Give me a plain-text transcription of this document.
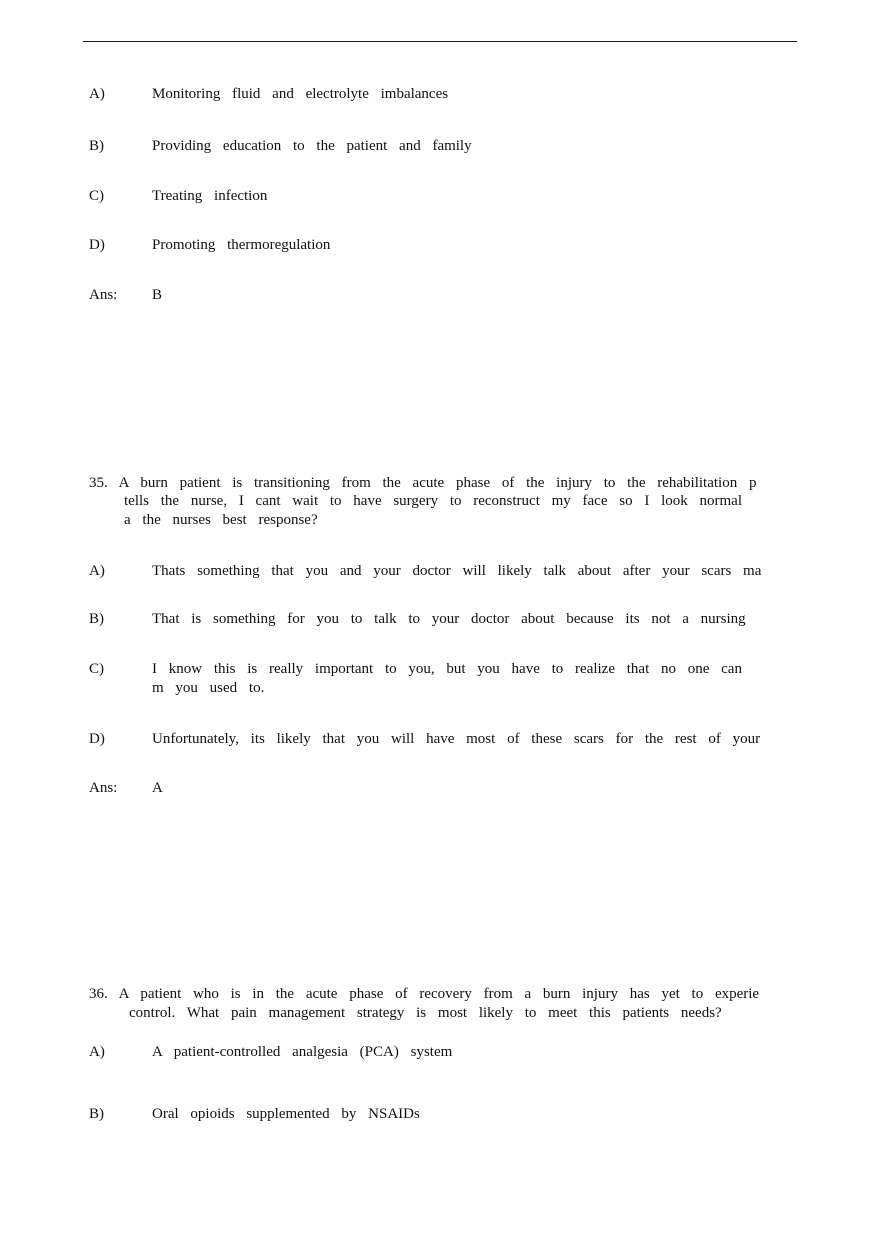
A)	Monitoring fluid and electrolyte imbalances
B)	Providing education to the patient and family
C)	Treating infection
D)	Promoting thermoregulation
Ans: B
35. A burn patient is transitioning from the acute phase of the injury to the rehabilitation p
tells the nurse, I cant wait to have surgery to reconstruct my face so I look normal
a the nurses best response?
A)	Thats something that you and your doctor will likely talk about after your scars ma
B)	That is something for you to talk to your doctor about because its not a nursing
C)	I know this is really important to you, but you have to realize that no one can
m you used to.
D)	Unfortunately, its likely that you will have most of these scars for the rest of your
Ans: A
36. A patient who is in the acute phase of recovery from a burn injury has yet to experie
control. What pain management strategy is most likely to meet this patients needs?
A)	A patient-controlled analgesia (PCA) system
B)	Oral opioids supplemented by NSAIDs
